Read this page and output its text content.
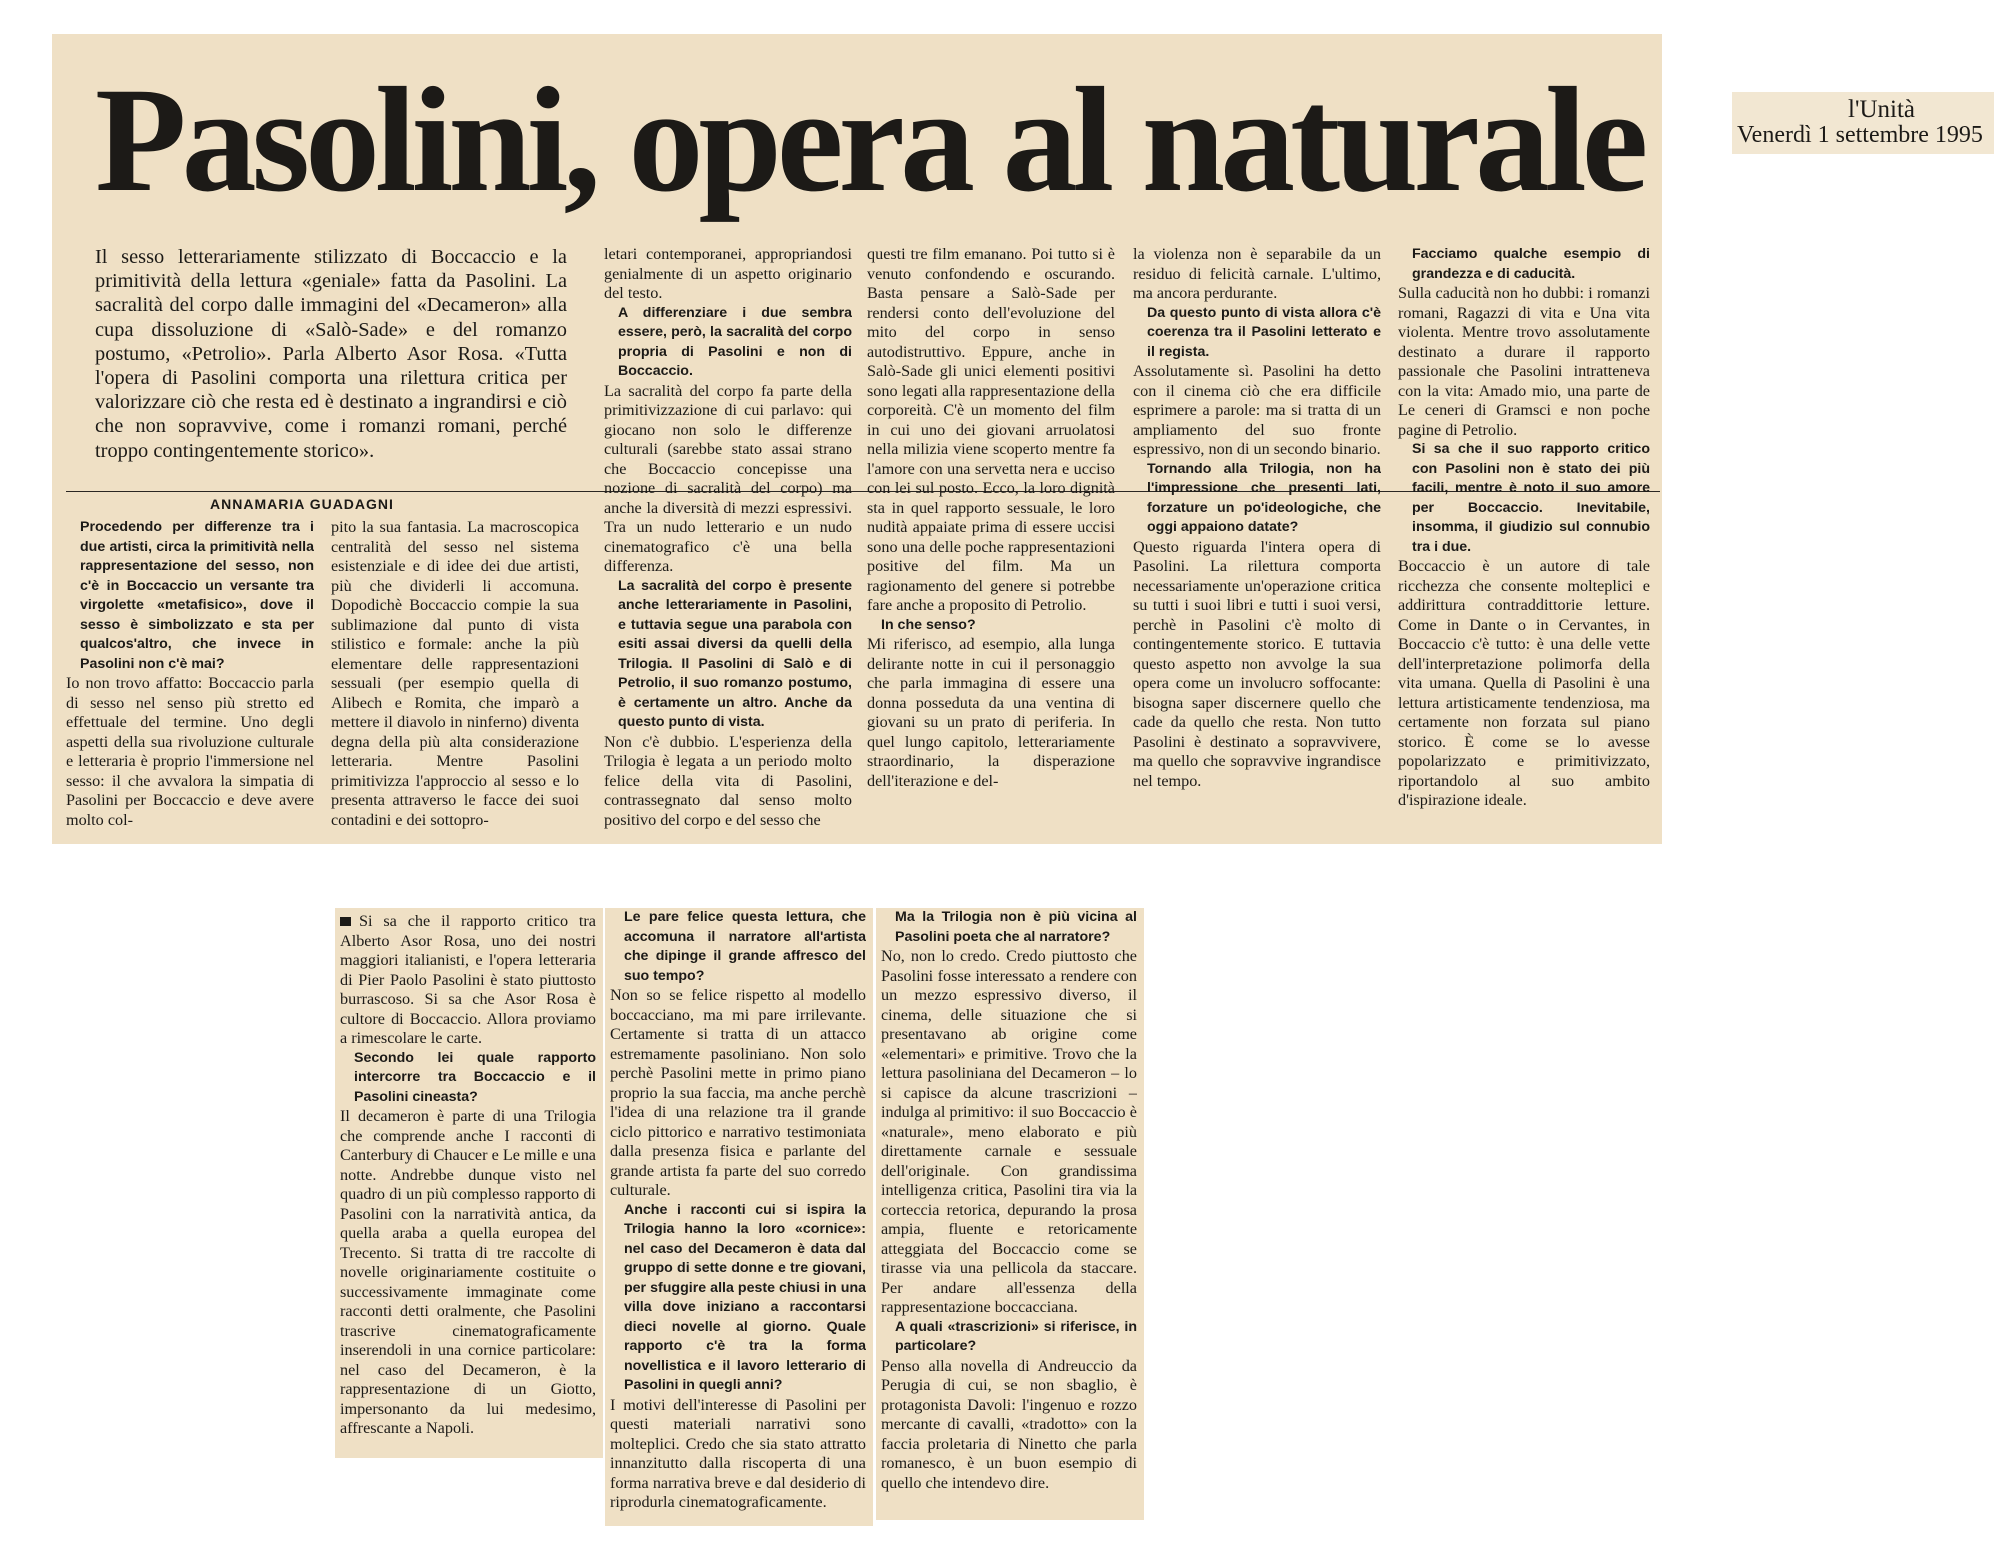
l'Unità
Venerdì 1 settembre 1995
Pasolini, opera al naturale

Il sesso letterariamente stilizzato di Boccaccio e la primitività della lettura «geniale» fatta da Pasolini. La sacralità del corpo dalle immagini del «Decameron» alla cupa dissoluzione di «Salò-Sade» e del romanzo postumo, «Petrolio». Parla Alberto Asor Rosa. «Tutta l'opera di Pasolini comporta una rilettura critica per valorizzare ciò che resta ed è destinato a ingrandirsi e ciò che non sopravvive, come i romanzi romani, perché troppo contingentemente storico».

ANNAMARIA GUADAGNI

Procedendo per differenze tra i due artisti, circa la primitività nella rappresentazione del sesso, non c'è in Boccaccio un versante tra virgolette «metafisico», dove il sesso è simbolizzato e sta per qualcos'altro, che invece in Pasolini non c'è mai?

Io non trovo affatto: Boccaccio parla di sesso nel senso più stretto ed effettuale del termine. Uno degli aspetti della sua rivoluzione culturale e letteraria è proprio l'immersione nel sesso: il che avvalora la simpatia di Pasolini per Boccaccio e deve avere molto col-

pito la sua fantasia. La macroscopica centralità del sesso nel sistema esistenziale e di idee dei due artisti, più che dividerli li accomuna. Dopodichè Boccaccio compie la sua sublimazione dal punto di vista stilistico e formale: anche la più elementare delle rappresentazioni sessuali (per esempio quella di Alibech e Romita, che imparò a mettere il diavolo in ninferno) diventa degna della più alta considerazione letteraria. Mentre Pasolini primitivizza l'approccio al sesso e lo presenta attraverso le facce dei suoi contadini e dei sottopro-

letari contemporanei, appropriandosi genialmente di un aspetto originario del testo.

A differenziare i due sembra essere, però, la sacralità del corpo propria di Pasolini e non di Boccaccio.

La sacralità del corpo fa parte della primitivizzazione di cui parlavo: qui giocano non solo le differenze culturali (sarebbe stato assai strano che Boccaccio concepisse una nozione di sacralità del corpo) ma anche la diversità di mezzi espressivi. Tra un nudo letterario e un nudo cinematografico c'è una bella differenza.

La sacralità del corpo è presente anche letterariamente in Pasolini, e tuttavia segue una parabola con esiti assai diversi da quelli della Trilogia. Il Pasolini di Salò e di Petrolio, il suo romanzo postumo, è certamente un altro. Anche da questo punto di vista.

Non c'è dubbio. L'esperienza della Trilogia è legata a un periodo molto felice della vita di Pasolini, contrassegnato dal senso molto positivo del corpo e del sesso che

questi tre film emanano. Poi tutto si è venuto confondendo e oscurando. Basta pensare a Salò-Sade per rendersi conto dell'evoluzione del mito del corpo in senso autodistruttivo. Eppure, anche in Salò-Sade gli unici elementi positivi sono legati alla rappresentazione della corporeità. C'è un momento del film in cui uno dei giovani arruolatosi nella milizia viene scoperto mentre fa l'amore con una servetta nera e ucciso con lei sul posto. Ecco, la loro dignità sta in quel rapporto sessuale, le loro nudità appaiate prima di essere uccisi sono una delle poche rappresentazioni positive del film. Ma un ragionamento del genere si potrebbe fare anche a proposito di Petrolio.

In che senso?

Mi riferisco, ad esempio, alla lunga delirante notte in cui il personaggio che parla immagina di essere una donna posseduta da una ventina di giovani su un prato di periferia. In quel lungo capitolo, letterariamente straordinario, la disperazione dell'iterazione e del-

la violenza non è separabile da un residuo di felicità carnale. L'ultimo, ma ancora perdurante.

Da questo punto di vista allora c'è coerenza tra il Pasolini letterato e il regista.

Assolutamente sì. Pasolini ha detto con il cinema ciò che era difficile esprimere a parole: ma si tratta di un ampliamento del suo fronte espressivo, non di un secondo binario.

Tornando alla Trilogia, non ha l'impressione che presenti lati, forzature un po'ideologiche, che oggi appaiono datate?

Questo riguarda l'intera opera di Pasolini. La rilettura comporta necessariamente un'operazione critica su tutti i suoi libri e tutti i suoi versi, perchè in Pasolini c'è molto di contingentemente storico. E tuttavia questo aspetto non avvolge la sua opera come un involucro soffocante: bisogna saper discernere quello che cade da quello che resta. Non tutto Pasolini è destinato a sopravvivere, ma quello che sopravvive ingrandisce nel tempo.

Facciamo qualche esempio di grandezza e di caducità.

Sulla caducità non ho dubbi: i romanzi romani, Ragazzi di vita e Una vita violenta. Mentre trovo assolutamente destinato a durare il rapporto passionale che Pasolini intratteneva con la vita: Amado mio, una parte de Le ceneri di Gramsci e non poche pagine di Petrolio.

Si sa che il suo rapporto critico con Pasolini non è stato dei più facili, mentre è noto il suo amore per Boccaccio. Inevitabile, insomma, il giudizio sul connubio tra i due.

Boccaccio è un autore di tale ricchezza che consente molteplici e addirittura contraddittorie letture. Come in Dante o in Cervantes, in Boccaccio c'è tutto: è una delle vette dell'interpretazione polimorfa della vita umana. Quella di Pasolini è una lettura artisticamente tendenziosa, ma certamente non forzata sul piano storico. È come se lo avesse popolarizzato e primitivizzato, riportandolo al suo ambito d'ispirazione ideale.

Si sa che il rapporto critico tra Alberto Asor Rosa, uno dei nostri maggiori italianisti, e l'opera letteraria di Pier Paolo Pasolini è stato piuttosto burrascoso. Si sa che Asor Rosa è cultore di Boccaccio. Allora proviamo a rimescolare le carte.

Secondo lei quale rapporto intercorre tra Boccaccio e il Pasolini cineasta?

Il decameron è parte di una Trilogia che comprende anche I racconti di Canterbury di Chaucer e Le mille e una notte. Andrebbe dunque visto nel quadro di un più complesso rapporto di Pasolini con la narratività antica, da quella araba a quella europea del Trecento. Si tratta di tre raccolte di novelle originariamente costituite o successivamente immaginate come racconti detti oralmente, che Pasolini trascrive cinematograficamente inserendoli in una cornice particolare: nel caso del Decameron, è la rappresentazione di un Giotto, impersonanto da lui medesimo, affrescante a Napoli.

Le pare felice questa lettura, che accomuna il narratore all'artista che dipinge il grande affresco del suo tempo?

Non so se felice rispetto al modello boccacciano, ma mi pare irrilevante. Certamente si tratta di un attacco estremamente pasoliniano. Non solo perchè Pasolini mette in primo piano proprio la sua faccia, ma anche perchè l'idea di una relazione tra il grande ciclo pittorico e narrativo testimoniata dalla presenza fisica e parlante del grande artista fa parte del suo corredo culturale.

Anche i racconti cui si ispira la Trilogia hanno la loro «cornice»: nel caso del Decameron è data dal gruppo di sette donne e tre giovani, per sfuggire alla peste chiusi in una villa dove iniziano a raccontarsi dieci novelle al giorno. Quale rapporto c'è tra la forma novellistica e il lavoro letterario di Pasolini in quegli anni?

I motivi dell'interesse di Pasolini per questi materiali narrativi sono molteplici. Credo che sia stato attratto innanzitutto dalla riscoperta di una forma narrativa breve e dal desiderio di riprodurla cinematograficamente.

Ma la Trilogia non è più vicina al Pasolini poeta che al narratore?

No, non lo credo. Credo piuttosto che Pasolini fosse interessato a rendere con un mezzo espressivo diverso, il cinema, delle situazione che si presentavano ab origine come «elementari» e primitive. Trovo che la lettura pasoliniana del Decameron – lo si capisce da alcune trascrizioni – indulga al primitivo: il suo Boccaccio è «naturale», meno elaborato e più direttamente carnale e sessuale dell'originale. Con grandissima intelligenza critica, Pasolini tira via la corteccia retorica, depurando la prosa ampia, fluente e retoricamente atteggiata del Boccaccio come se tirasse via una pellicola da staccare. Per andare all'essenza della rappresentazione boccacciana.

A quali «trascrizioni» si riferisce, in particolare?

Penso alla novella di Andreuccio da Perugia di cui, se non sbaglio, è protagonista Davoli: l'ingenuo e rozzo mercante di cavalli, «tradotto» con la faccia proletaria di Ninetto che parla romanesco, è un buon esempio di quello che intendevo dire.
